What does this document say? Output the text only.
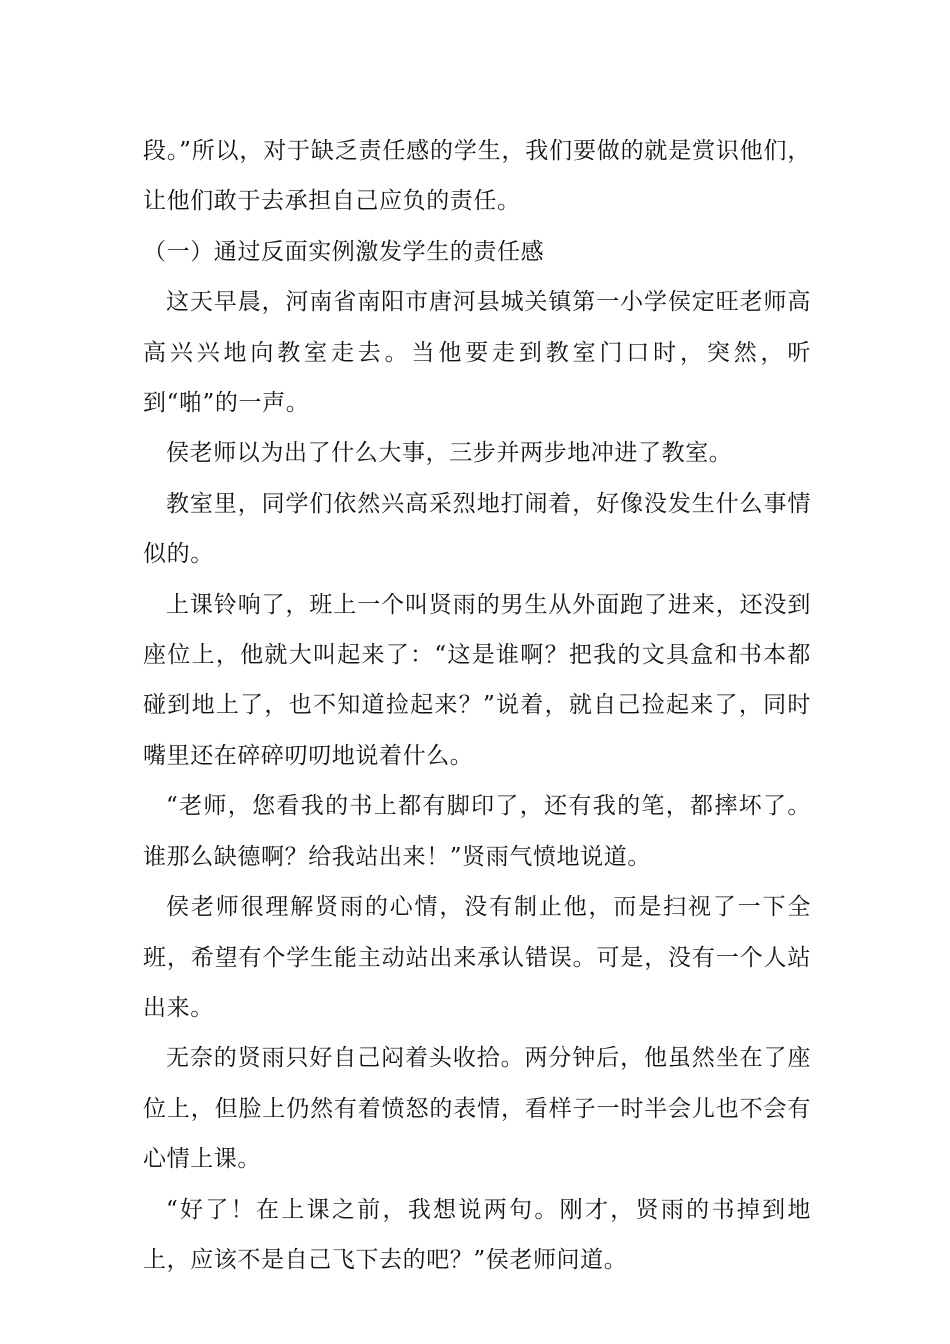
段。”所以，对于缺乏责任感的学生，我们要做的就是赏识他们，让他们敢于去承担自己应负的责任。

（一）通过反面实例激发学生的责任感

这天早晨，河南省南阳市唐河县城关镇第一小学侯定旺老师高高兴兴地向教室走去。当他要走到教室门口时，突然，听到“啪”的一声。

侯老师以为出了什么大事，三步并两步地冲进了教室。

教室里，同学们依然兴高采烈地打闹着，好像没发生什么事情似的。

上课铃响了，班上一个叫贤雨的男生从外面跑了进来，还没到座位上，他就大叫起来了：“这是谁啊？把我的文具盒和书本都碰到地上了，也不知道捡起来？”说着，就自己捡起来了，同时嘴里还在碎碎叨叨地说着什么。

“老师，您看我的书上都有脚印了，还有我的笔，都摔坏了。谁那么缺德啊？给我站出来！”贤雨气愤地说道。

侯老师很理解贤雨的心情，没有制止他，而是扫视了一下全班，希望有个学生能主动站出来承认错误。可是，没有一个人站出来。

无奈的贤雨只好自己闷着头收拾。两分钟后，他虽然坐在了座位上，但脸上仍然有着愤怒的表情，看样子一时半会儿也不会有心情上课。

“好了！在上课之前，我想说两句。刚才，贤雨的书掉到地上，应该不是自己飞下去的吧？”侯老师问道。
